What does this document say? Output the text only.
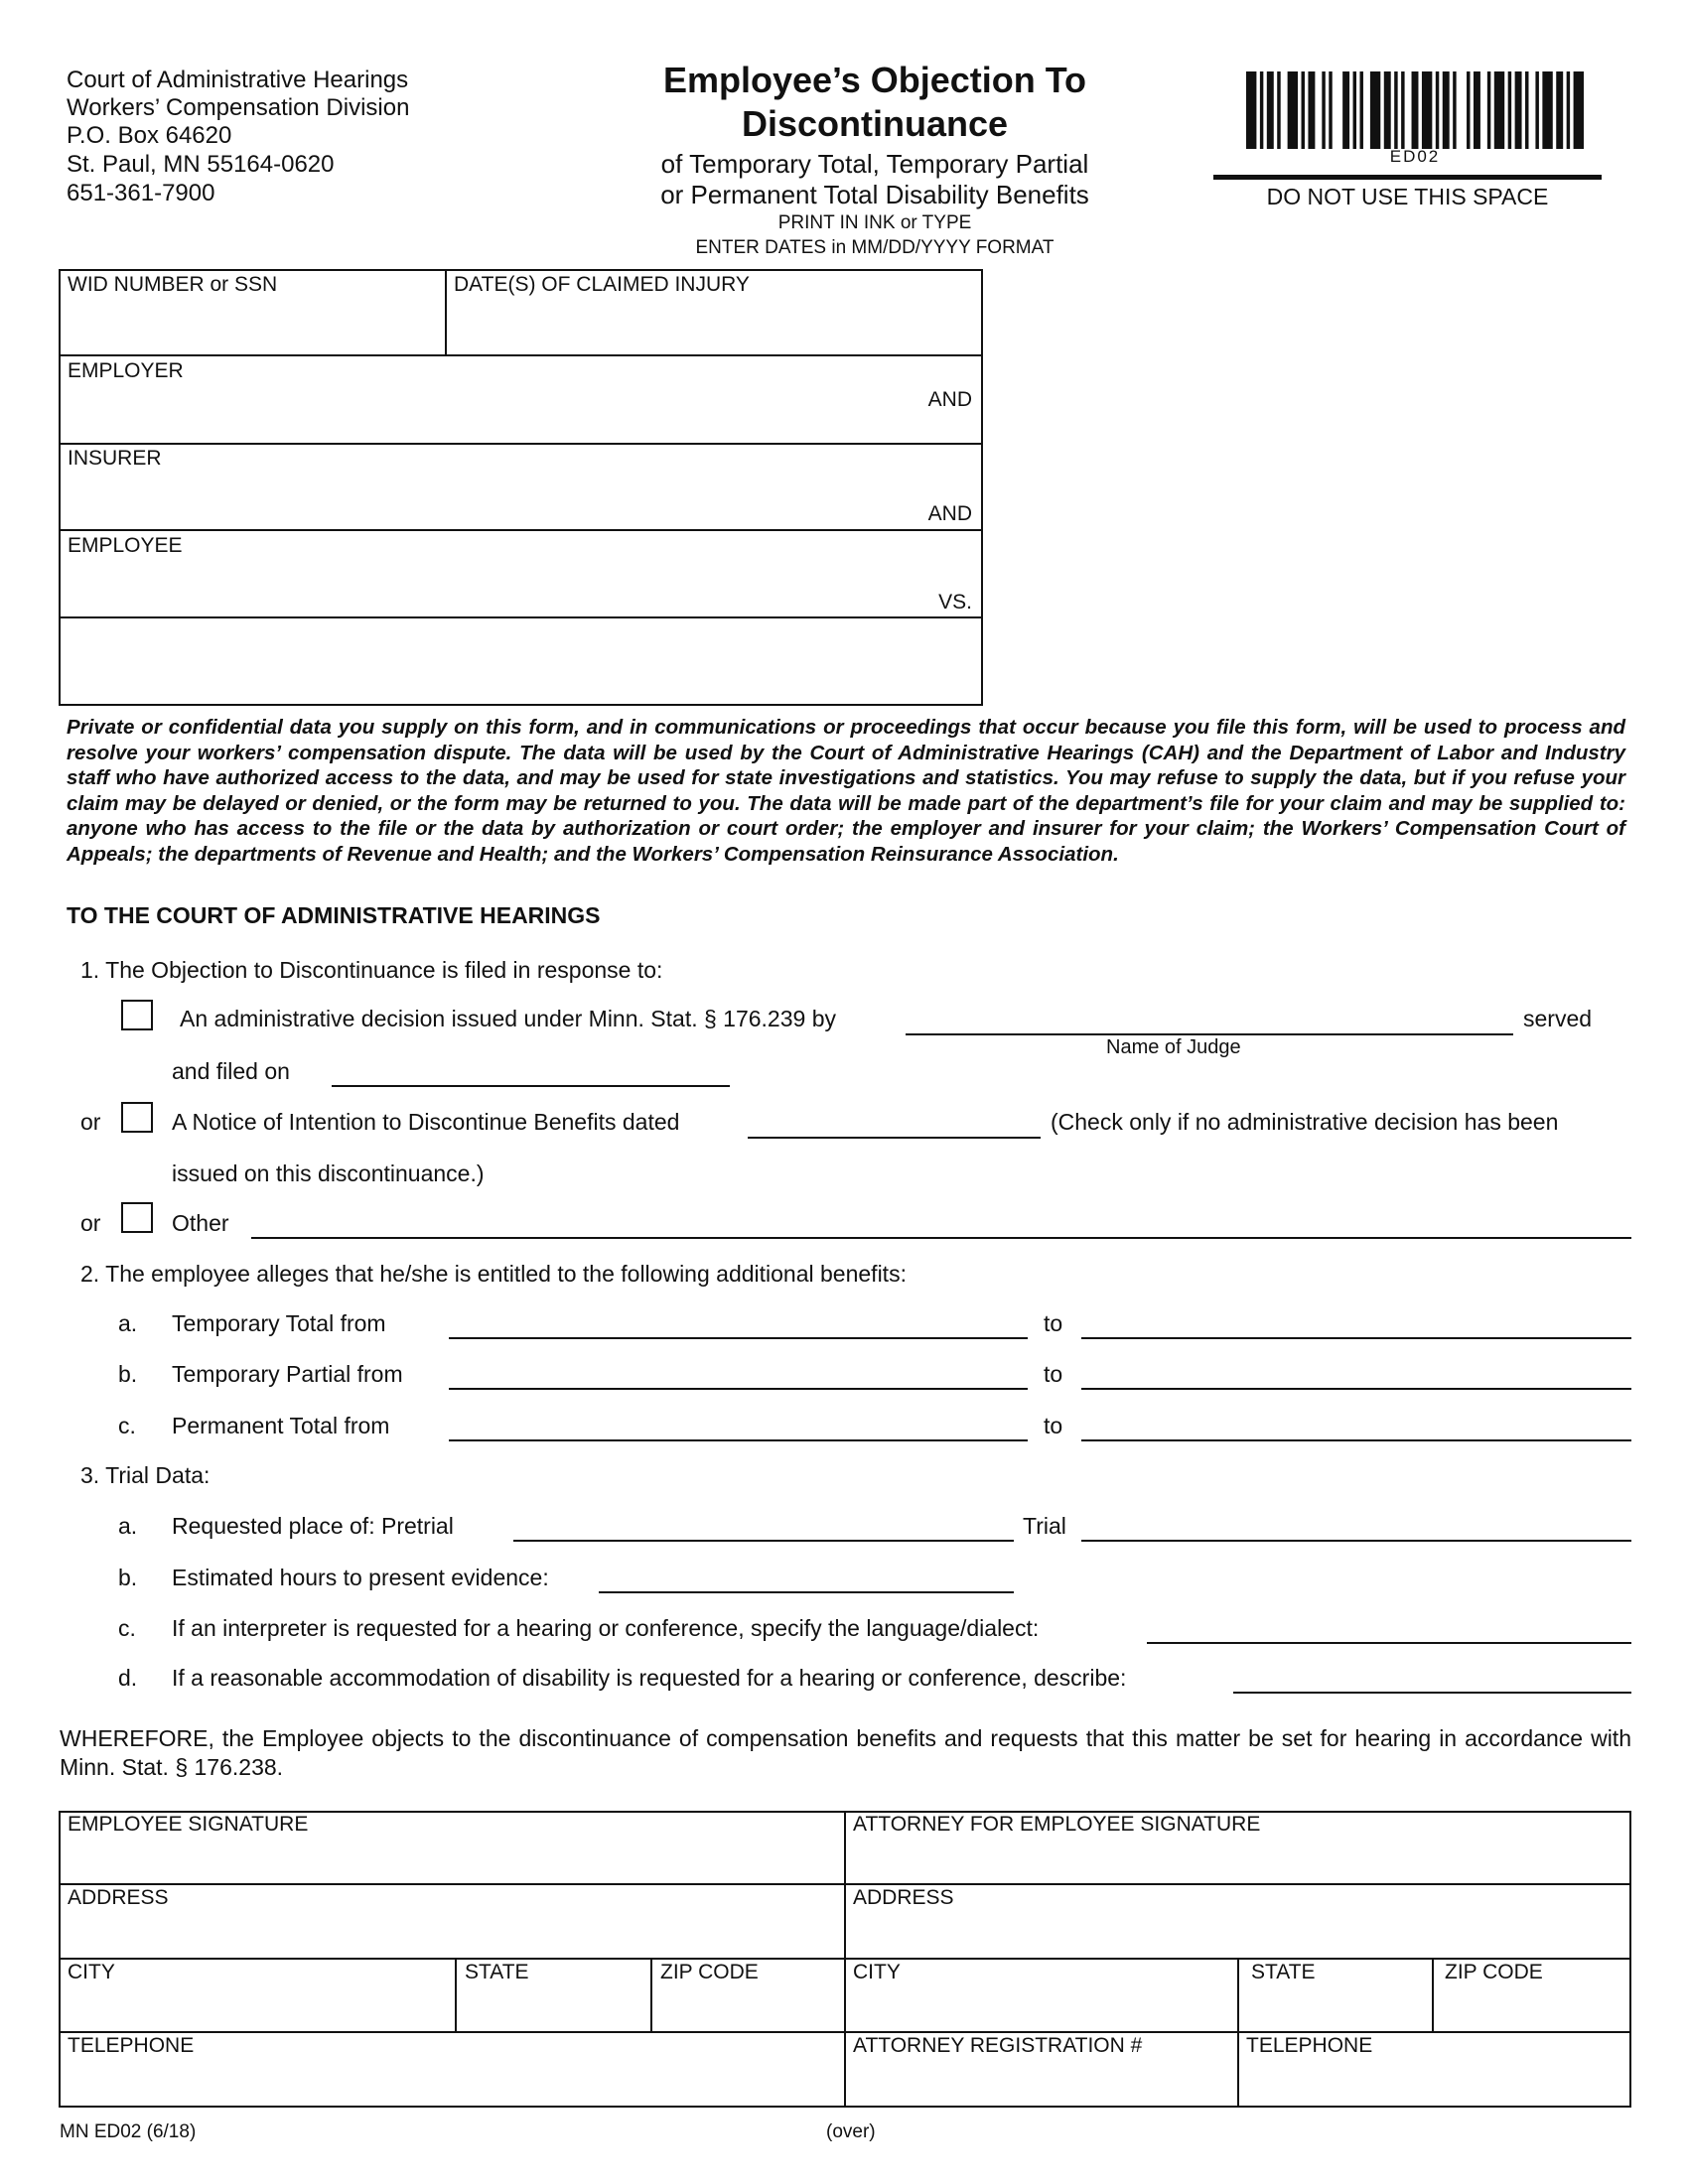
Court of Administrative Hearings
Workers’ Compensation Division
P.O. Box 64620
St. Paul, MN 55164-0620
651-361-7900
Employee’s Objection To
Discontinuance
of Temporary Total, Temporary Partial
or Permanent Total Disability Benefits
PRINT IN INK or TYPE
ENTER DATES in MM/DD/YYYY FORMAT
ED02
DO NOT USE THIS SPACE
WID NUMBER or SSN	DATE(S) OF CLAIMED INJURY
EMPLOYER
AND
INSURER
AND
EMPLOYEE
VS.
Private or confidential data you supply on this form, and in communications or proceedings that occur because you file this form, will be used to process and resolve your workers’ compensation dispute. The data will be used by the Court of Administrative Hearings (CAH) and the Department of Labor and Industry staff who have authorized access to the data, and may be used for state investigations and statistics. You may refuse to supply the data, but if you refuse your claim may be delayed or denied, or the form may be returned to you. The data will be made part of the department’s file for your claim and may be supplied to: anyone who has access to the file or the data by authorization or court order; the employer and insurer for your claim; the Workers’ Compensation Court of Appeals; the departments of Revenue and Health; and the Workers’ Compensation Reinsurance Association.
TO THE COURT OF ADMINISTRATIVE HEARINGS
1. The Objection to Discontinuance is filed in response to:
An administrative decision issued under Minn. Stat. § 176.239 by	served
Name of Judge
and filed on
or	A Notice of Intention to Discontinue Benefits dated	(Check only if no administrative decision has been
issued on this discontinuance.)
or	Other
2. The employee alleges that he/she is entitled to the following additional benefits:
a. Temporary Total from	to
b. Temporary Partial from	to
c. Permanent Total from	to
3. Trial Data:
a. Requested place of: Pretrial	Trial
b. Estimated hours to present evidence:
c. If an interpreter is requested for a hearing or conference, specify the language/dialect:
d. If a reasonable accommodation of disability is requested for a hearing or conference, describe:
WHEREFORE, the Employee objects to the discontinuance of compensation benefits and requests that this matter be set for hearing in accordance with Minn. Stat. § 176.238.
EMPLOYEE SIGNATURE	ATTORNEY FOR EMPLOYEE SIGNATURE
ADDRESS	ADDRESS
CITY	STATE	ZIP CODE	CITY	STATE	ZIP CODE
TELEPHONE	ATTORNEY REGISTRATION #	TELEPHONE
MN ED02 (6/18)	(over)
